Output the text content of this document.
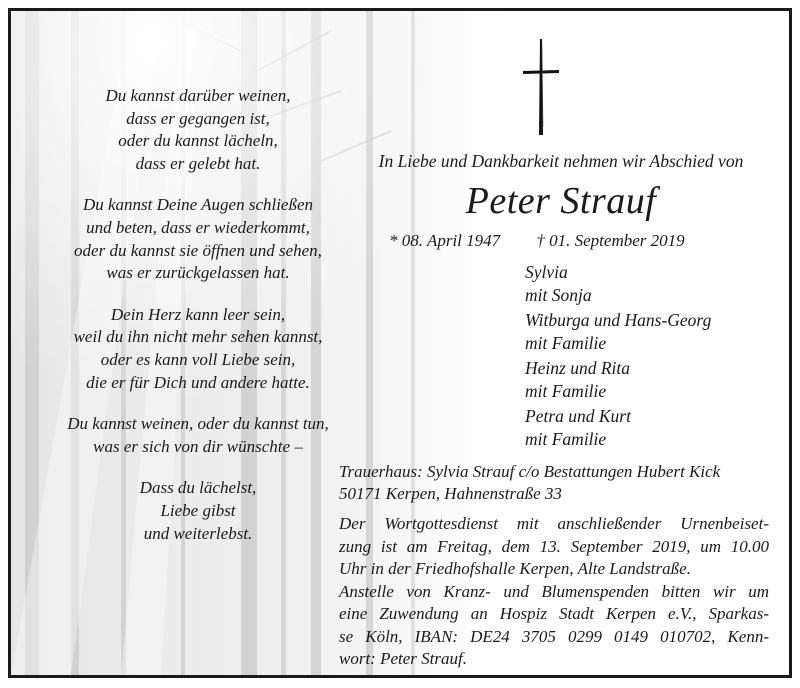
Du kannst darüber weinen,
dass er gegangen ist,
oder du kannst lächeln,
dass er gelebt hat.
Du kannst Deine Augen schließen
und beten, dass er wiederkommt,
oder du kannst sie öffnen und sehen,
was er zurückgelassen hat.
Dein Herz kann leer sein,
weil du ihn nicht mehr sehen kannst,
oder es kann voll Liebe sein,
die er für Dich und andere hatte.
Du kannst weinen, oder du kannst tun,
was er sich von dir wünschte –
Dass du lächelst,
Liebe gibst
und weiterlebst.
In Liebe und Dankbarkeit nehmen wir Abschied von
Peter Strauf
* 08. April 1947 † 01. September 2019
Sylvia
mit Sonja
Witburga und Hans-Georg
mit Familie
Heinz und Rita
mit Familie
Petra und Kurt
mit Familie
Trauerhaus: Sylvia Strauf c/o Bestattungen Hubert Kick
50171 Kerpen, Hahnenstraße 33
Der Wortgottesdienst mit anschließender Urnenbeiset-
zung ist am Freitag, dem 13. September 2019, um 10.00
Uhr in der Friedhofshalle Kerpen, Alte Landstraße.
Anstelle von Kranz- und Blumenspenden bitten wir um
eine Zuwendung an Hospiz Stadt Kerpen e.V., Sparkas-
se Köln, IBAN: DE24 3705 0299 0149 010702, Kenn-
wort: Peter Strauf.
